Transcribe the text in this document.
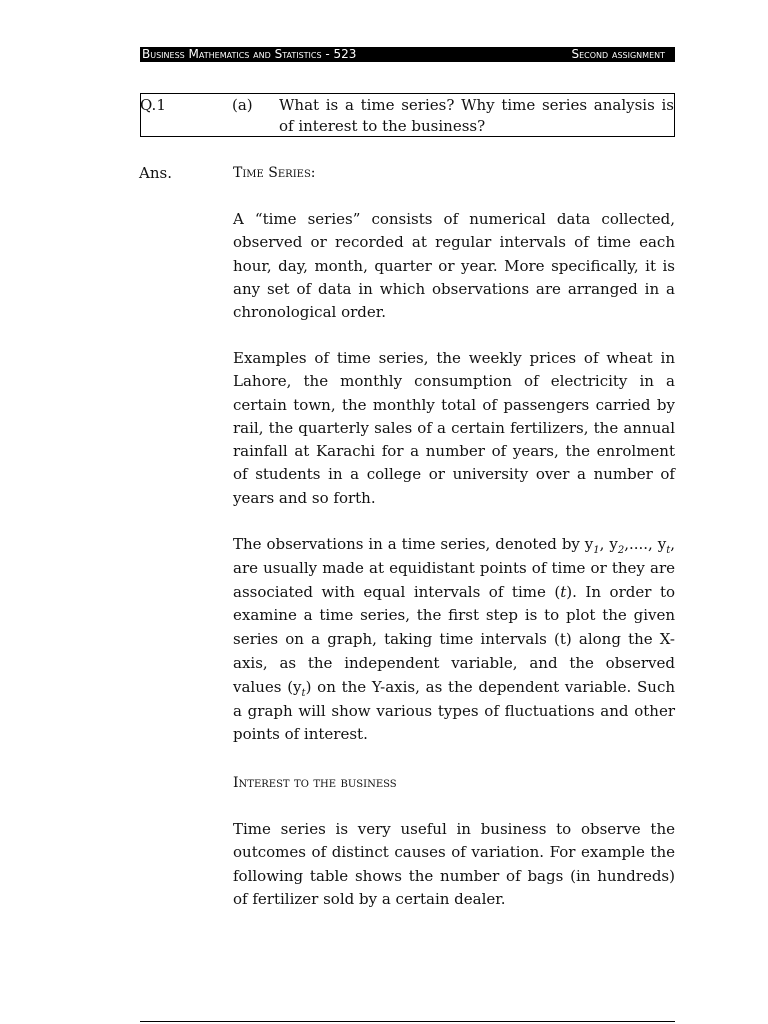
Business Mathematics and Statistics - 523	Second assignment
Q.1	(a) What is a time series? Why time series analysis is of interest to the business?
Ans.	Time Series:

A “time series” consists of numerical data collected, observed or recorded at regular intervals of time each hour, day, month, quarter or year. More specifically, it is any set of data in which observations are arranged in a chronological order.

Examples of time series, the weekly prices of wheat in Lahore, the monthly consumption of electricity in a certain town, the monthly total of passengers carried by rail, the quarterly sales of a certain fertilizers, the annual rainfall at Karachi for a number of years, the enrolment of students in a college or university over a number of years and so forth.

The observations in a time series, denoted by $y_1$, $y_2$,...., $y_t$, are usually made at equidistant points of time or they are associated with equal intervals of time (t). In order to examine a time series, the first step is to plot the given series on a graph, taking time intervals (t) along the X-axis, as the independent variable, and the observed values $(y_t)$ on the Y-axis, as the dependent variable. Such a graph will show various types of fluctuations and other points of interest.

Interest to the business

Time series is very useful in business to observe the outcomes of distinct causes of variation. For example the following table shows the number of bags (in hundreds) of fertilizer sold by a certain dealer.
